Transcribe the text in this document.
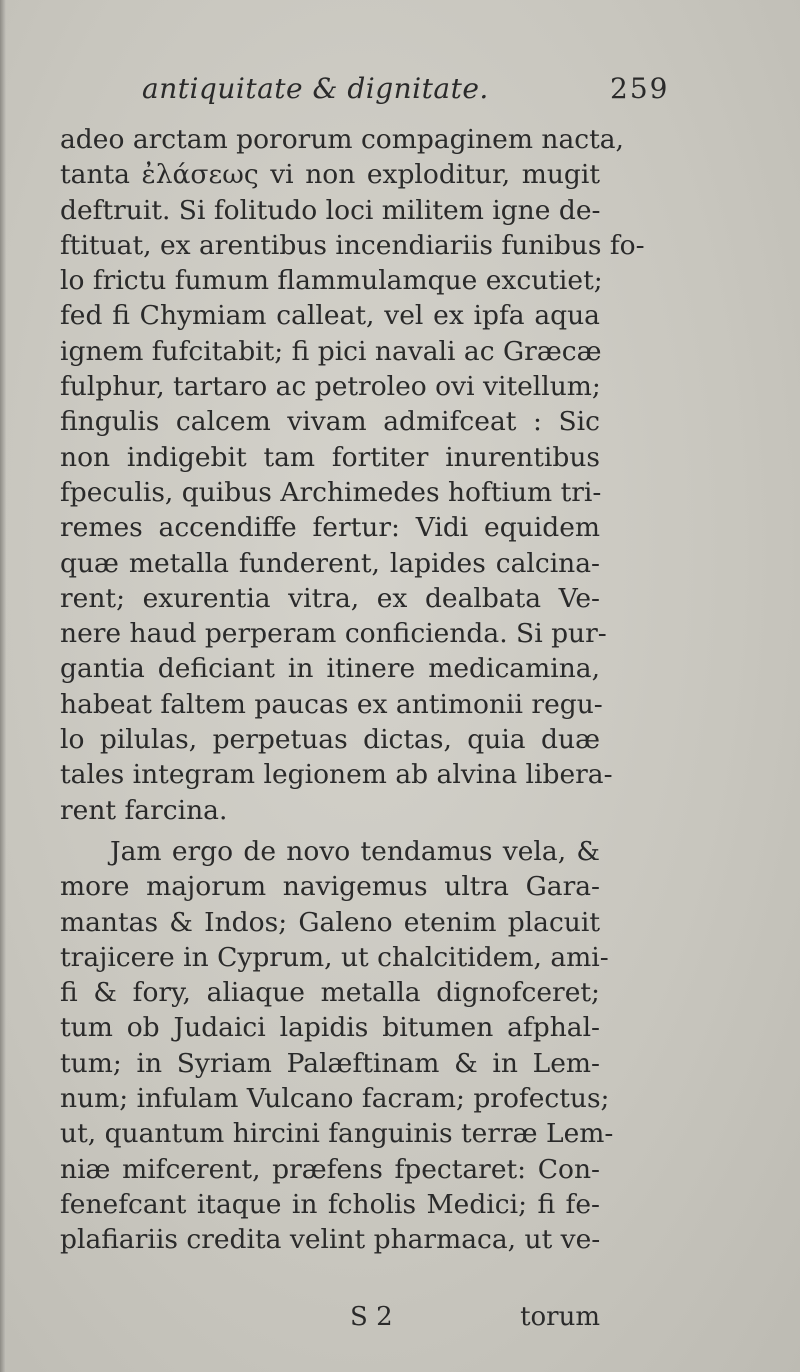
antiquitate & dignitate.	259
adeo arctam pororum compaginem nacta,
tanta ἐλάσεως vi non exploditur, mugit
deftruit. Si folitudo loci militem igne de-
ftituat, ex arentibus incendiariis funibus fo-
lo frictu fumum flammulamque excutiet;
fed fi Chymiam calleat, vel ex ipfa aqua
ignem fufcitabit; fi pici navali ac Græcæ
fulphur, tartaro ac petroleo ovi vitellum;
fingulis calcem vivam admifceat : Sic
non indigebit tam fortiter inurentibus
fpeculis, quibus Archimedes hoftium tri-
remes accendiffe fertur: Vidi equidem
quæ metalla funderent, lapides calcina-
rent; exurentia vitra, ex dealbata Ve-
nere haud perperam conficienda. Si pur-
gantia deficiant in itinere medicamina,
habeat faltem paucas ex antimonii regu-
lo pilulas, perpetuas dictas, quia duæ
tales integram legionem ab alvina libera-
rent farcina.
Jam ergo de novo tendamus vela, &
more majorum navigemus ultra Gara-
mantas & Indos; Galeno etenim placuit
trajicere in Cyprum, ut chalcitidem, ami-
fi & fory, aliaque metalla dignofceret;
tum ob Judaici lapidis bitumen afphal-
tum; in Syriam Palæftinam & in Lem-
num; infulam Vulcano facram; profectus;
ut, quantum hircini fanguinis terræ Lem-
niæ mifcerent, præfens fpectaret: Con-
fenefcant itaque in fcholis Medici; fi fe-
plafiariis credita velint pharmaca, ut ve-
S 2	torum
